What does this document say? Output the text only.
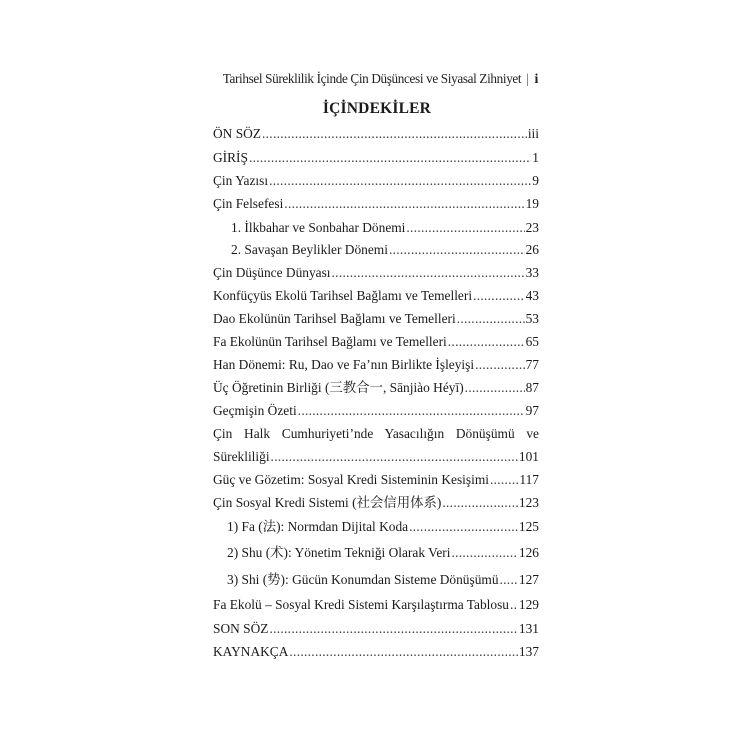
Tarihsel Süreklilik İçinde Çin Düşüncesi ve Siyasal Zihniyet | i
İÇİNDEKİLER
ÖN SÖZ .....	iii
GİRİŞ .....	1
Çin Yazısı .....	9
Çin Felsefesi .....	19
1. İlkbahar ve Sonbahar Dönemi .....	23
2. Savaşan Beylikler Dönemi .....	26
Çin Düşünce Dünyası .....	33
Konfüçyüs Ekolü Tarihsel Bağlamı ve Temelleri .....	43
Dao Ekolünün Tarihsel Bağlamı ve Temelleri .....	53
Fa Ekolünün Tarihsel Bağlamı ve Temelleri .....	65
Han Dönemi: Ru, Dao ve Fa’nın Birlikte İşleyişi .....	77
Üç Öğretinin Birliği (三教合一, Sānjiào Héyī) .....	87
Geçmişin Özeti .....	97
Çin Halk Cumhuriyeti’nde Yasacılığın Dönüşümü ve
Sürekliliği .....	101
Güç ve Gözetim: Sosyal Kredi Sisteminin Kesişimi ..... 117
Çin Sosyal Kredi Sistemi (社会信用体系) .....	123
1) Fa (法): Normdan Dijital Koda .....	125
2) Shu (术): Yönetim Tekniği Olarak Veri .....	126
3) Shi (势): Gücün Konumdan Sisteme Dönüşümü ..... 127
Fa Ekolü – Sosyal Kredi Sistemi Karşılaştırma Tablosu ..... 129
SON SÖZ .....	131
KAYNAKÇA .....	137
